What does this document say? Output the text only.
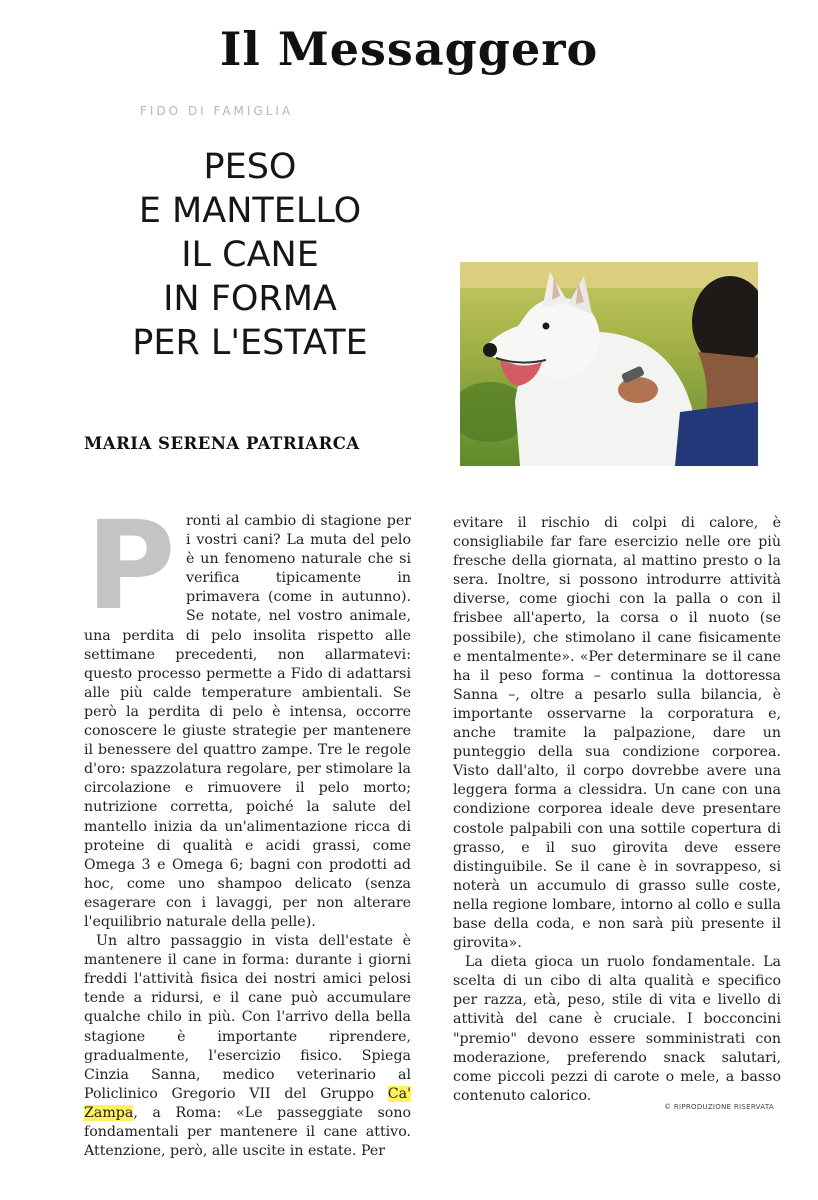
Il Messaggero
FIDO DI FAMIGLIA
PESO
E MANTELLO
IL CANE
IN FORMA
PER L'ESTATE
MARIA SERENA PATRIARCA
P ronti al cambio di stagione per i vostri cani? La muta del pelo è un fenomeno naturale che si verifica tipicamente in primavera (come in autunno). Se notate, nel vostro animale, una perdita di pelo insolita rispetto alle settimane precedenti, non allarmatevi: questo processo permette a Fido di adattarsi alle più calde temperature ambientali. Se però la perdita di pelo è intensa, occorre conoscere le giuste strategie per mantenere il benessere del quattro zampe. Tre le regole d'oro: spazzolatura regolare, per stimolare la circolazione e rimuovere il pelo morto; nutrizione corretta, poiché la salute del mantello inizia da un'alimentazione ricca di proteine di qualità e acidi grassi, come Omega 3 e Omega 6; bagni con prodotti ad hoc, come uno shampoo delicato (senza esagerare con i lavaggi, per non alterare l'equilibrio naturale della pelle).

Un altro passaggio in vista dell'estate è mantenere il cane in forma: durante i giorni freddi l'attività fisica dei nostri amici pelosi tende a ridursi, e il cane può accumulare qualche chilo in più. Con l'arrivo della bella stagione è importante riprendere, gradualmente, l'esercizio fisico. Spiega Cinzia Sanna, medico veterinario al Policlinico Gregorio VII del Gruppo Ca' Zampa, a Roma: «Le passeggiate sono fondamentali per mantenere il cane attivo. Attenzione, però, alle uscite in estate. Per

evitare il rischio di colpi di calore, è consigliabile far fare esercizio nelle ore più fresche della giornata, al mattino presto o la sera. Inoltre, si possono introdurre attività diverse, come giochi con la palla o con il frisbee all'aperto, la corsa o il nuoto (se possibile), che stimolano il cane fisicamente e mentalmente». «Per determinare se il cane ha il peso forma – continua la dottoressa Sanna –, oltre a pesarlo sulla bilancia, è importante osservarne la corporatura e, anche tramite la palpazione, dare un punteggio della sua condizione corporea. Visto dall'alto, il corpo dovrebbe avere una leggera forma a clessidra. Un cane con una condizione corporea ideale deve presentare costole palpabili con una sottile copertura di grasso, e il suo girovita deve essere distinguibile. Se il cane è in sovrappeso, si noterà un accumulo di grasso sulle coste, nella regione lombare, intorno al collo e sulla base della coda, e non sarà più presente il girovita».

La dieta gioca un ruolo fondamentale. La scelta di un cibo di alta qualità e specifico per razza, età, peso, stile di vita e livello di attività del cane è cruciale. I bocconcini "premio" devono essere somministrati con moderazione, preferendo snack salutari, come piccoli pezzi di carote o mele, a basso contenuto calorico.

© RIPRODUZIONE RISERVATA
